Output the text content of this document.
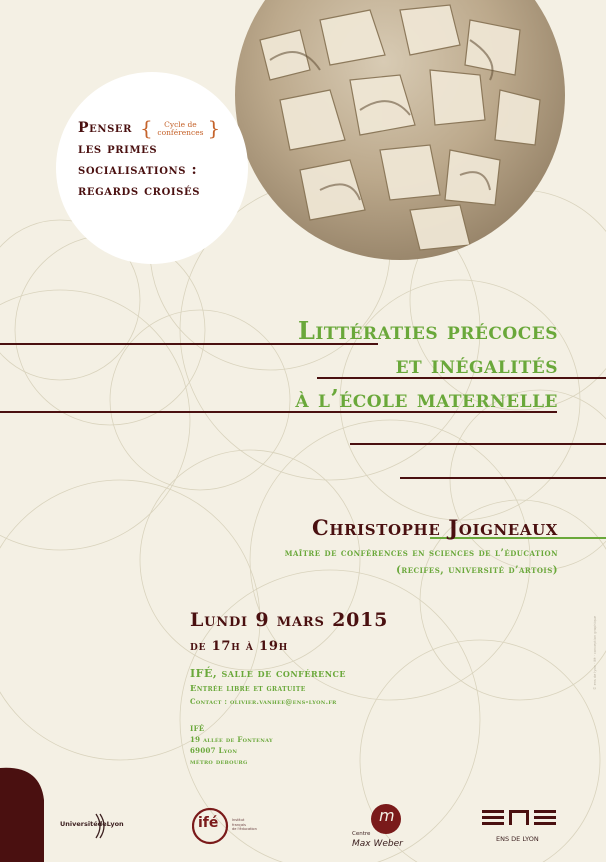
Penser {	Cycle de
conférences }
les primes
socialisations :
regards croisés
Littératies précoces
et inégalités
à l’école maternelle
Christophe Joigneaux
maître de conférences en sciences de l’éducation
(recifes, université d’artois)
Lundi 9 mars 2015
de 17h à 19h
IFÉ, salle de conférence
Entrée libre et gratuite
Contact : olivier.vanhee@ens-lyon.fr
IFÉ
19 allée de Fontenay
69007 Lyon
métro debourg
© ens de lyon · ifé · conception graphique
UniversitédeLyon	ifé	Institut
français
de l'éducation
m
Centre
Max Weber	ENS DE LYON
